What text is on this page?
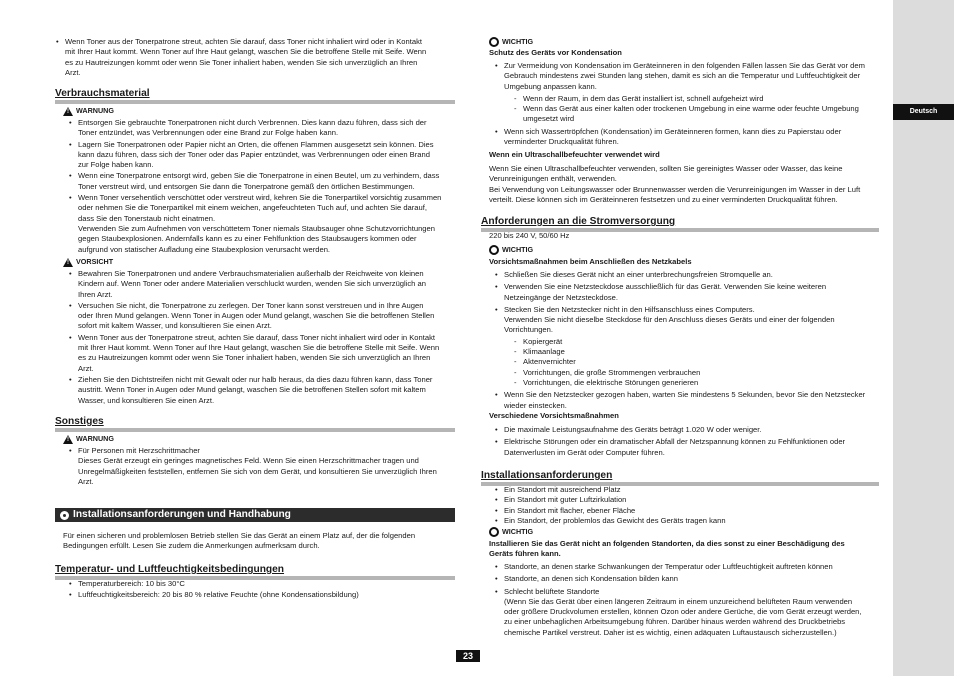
Deutsch
• Wenn Toner aus der Tonerpatrone streut, achten Sie darauf, dass Toner nicht inhaliert wird oder in Kontakt
mit Ihrer Haut kommt. Wenn Toner auf Ihre Haut gelangt, waschen Sie die betroffene Stelle mit Seife. Wenn
es zu Hautreizungen kommt oder wenn Sie Toner inhaliert haben, wenden Sie sich unverzüglich an Ihren
Arzt.
Verbrauchsmaterial
!
WARNUNG
• Entsorgen Sie gebrauchte Tonerpatronen nicht durch Verbrennen. Dies kann dazu führen, dass sich der
Toner entzündet, was Verbrennungen oder eine Brand zur Folge haben kann.
• Lagern Sie Tonerpatronen oder Papier nicht an Orten, die offenen Flammen ausgesetzt sein können. Dies
kann dazu führen, dass sich der Toner oder das Papier entzündet, was Verbrennungen oder einen Brand
zur Folge haben kann.
• Wenn eine Tonerpatrone entsorgt wird, geben Sie die Tonerpatrone in einen Beutel, um zu verhindern, dass
Toner verstreut wird, und entsorgen Sie dann die Tonerpatrone gemäß den örtlichen Bestimmungen.
• Wenn Toner versehentlich verschüttet oder verstreut wird, kehren Sie die Tonerpartikel vorsichtig zusammen
oder nehmen Sie die Tonerpartikel mit einem weichen, angefeuchteten Tuch auf, und achten Sie darauf,
dass Sie den Tonerstaub nicht einatmen.
Verwenden Sie zum Aufnehmen von verschüttetem Toner niemals Staubsauger ohne Schutzvorrichtungen
gegen Staubexplosionen. Andernfalls kann es zu einer Fehlfunktion des Staubsaugers kommen oder
aufgrund von statischer Aufladung eine Staubexplosion verursacht werden.
!
VORSICHT
• Bewahren Sie Tonerpatronen und andere Verbrauchsmaterialien außerhalb der Reichweite von kleinen
Kindern auf. Wenn Toner oder andere Materialien verschluckt wurden, wenden Sie sich unverzüglich an
Ihren Arzt.
• Versuchen Sie nicht, die Tonerpatrone zu zerlegen. Der Toner kann sonst verstreuen und in Ihre Augen
oder Ihren Mund gelangen. Wenn Toner in Augen oder Mund gelangt, waschen Sie die betroffenen Stellen
sofort mit kaltem Wasser, und konsultieren Sie einen Arzt.
• Wenn Toner aus der Tonerpatrone streut, achten Sie darauf, dass Toner nicht inhaliert wird oder in Kontakt
mit Ihrer Haut kommt. Wenn Toner auf Ihre Haut gelangt, waschen Sie die betroffene Stelle mit Seife. Wenn
es zu Hautreizungen kommt oder wenn Sie Toner inhaliert haben, wenden Sie sich unverzüglich an Ihren
Arzt.
• Ziehen Sie den Dichtstreifen nicht mit Gewalt oder nur halb heraus, da dies dazu führen kann, dass Toner
austritt. Wenn Toner in Augen oder Mund gelangt, waschen Sie die betroffenen Stellen sofort mit kaltem
Wasser, und konsultieren Sie einen Arzt.
Sonstiges
!
WARNUNG
• Für Personen mit Herzschrittmacher
Dieses Gerät erzeugt ein geringes magnetisches Feld. Wenn Sie einen Herzschrittmacher tragen und
Unregelmäßigkeiten feststellen, entfernen Sie sich von dem Gerät, und konsultieren Sie unverzüglich Ihren
Arzt.
Installationsanforderungen und Handhabung
Für einen sicheren und problemlosen Betrieb stellen Sie das Gerät an einem Platz auf, der die folgenden
Bedingungen erfüllt. Lesen Sie zudem die Anmerkungen aufmerksam durch.
Temperatur- und Luftfeuchtigkeitsbedingungen
• Temperaturbereich: 10 bis 30°C
• Luftfeuchtigkeitsbereich: 20 bis 80 % relative Feuchte (ohne Kondensationsbildung)
WICHTIG
Schutz des Geräts vor Kondensation
• Zur Vermeidung von Kondensation im Geräteinneren in den folgenden Fällen lassen Sie das Gerät vor dem
Gebrauch mindestens zwei Stunden lang stehen, damit es sich an die Temperatur und Luftfeuchtigkeit der
Umgebung anpassen kann.
- Wenn der Raum, in dem das Gerät installiert ist, schnell aufgeheizt wird
- Wenn das Gerät aus einer kalten oder trockenen Umgebung in eine warme oder feuchte Umgebung
umgesetzt wird
• Wenn sich Wassertröpfchen (Kondensation) im Geräteinneren formen, kann dies zu Papierstau oder
verminderter Druckqualität führen.
Wenn ein Ultraschallbefeuchter verwendet wird
Wenn Sie einen Ultraschallbefeuchter verwenden, sollten Sie gereinigtes Wasser oder Wasser, das keine
Verunreinigungen enthält, verwenden.
Bei Verwendung von Leitungswasser oder Brunnenwasser werden die Verunreinigungen im Wasser in der Luft
verteilt. Diese können sich im Geräteinneren festsetzen und zu einer verminderten Druckqualität führen.
Anforderungen an die Stromversorgung
220 bis 240 V, 50/60 Hz
WICHTIG
Vorsichtsmaßnahmen beim Anschließen des Netzkabels
• Schließen Sie dieses Gerät nicht an einer unterbrechungsfreien Stromquelle an.
• Verwenden Sie eine Netzsteckdose ausschließlich für das Gerät. Verwenden Sie keine weiteren
Netzeingänge der Netzsteckdose.
• Stecken Sie den Netzstecker nicht in den Hilfsanschluss eines Computers.
Verwenden Sie nicht dieselbe Steckdose für den Anschluss dieses Geräts und einer der folgenden
Vorrichtungen.
- Kopiergerät
- Klimaanlage
- Aktenvernichter
- Vorrichtungen, die große Strommengen verbrauchen
- Vorrichtungen, die elektrische Störungen generieren
• Wenn Sie den Netzstecker gezogen haben, warten Sie mindestens 5 Sekunden, bevor Sie den Netzstecker
wieder einstecken.
Verschiedene Vorsichtsmaßnahmen
• Die maximale Leistungsaufnahme des Geräts beträgt 1.020 W oder weniger.
• Elektrische Störungen oder ein dramatischer Abfall der Netzspannung können zu Fehlfunktionen oder
Datenverlusten im Gerät oder Computer führen.
Installationsanforderungen
• Ein Standort mit ausreichend Platz
• Ein Standort mit guter Luftzirkulation
• Ein Standort mit flacher, ebener Fläche
• Ein Standort, der problemlos das Gewicht des Geräts tragen kann
WICHTIG
Installieren Sie das Gerät nicht an folgenden Standorten, da dies sonst zu einer Beschädigung des
Geräts führen kann.
• Standorte, an denen starke Schwankungen der Temperatur oder Luftfeuchtigkeit auftreten können
• Standorte, an denen sich Kondensation bilden kann
• Schlecht belüftete Standorte
(Wenn Sie das Gerät über einen längeren Zeitraum in einem unzureichend belüfteten Raum verwenden
oder größere Druckvolumen erstellen, können Ozon oder andere Gerüche, die vom Gerät erzeugt werden,
zu einer unbehaglichen Arbeitsumgebung führen. Darüber hinaus werden während des Druckbetriebs
chemische Partikel verstreut. Daher ist es wichtig, einen adäquaten Luftaustausch sicherzustellen.)
23
